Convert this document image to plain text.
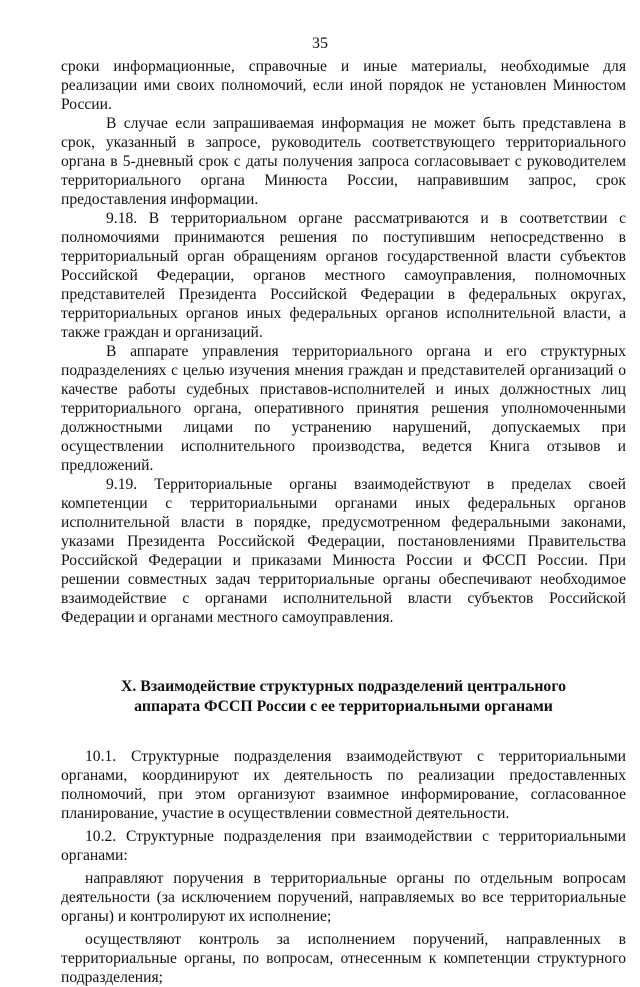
35

сроки информационные, справочные и иные материалы, необходимые для реализации ими своих полномочий, если иной порядок не установлен Минюстом России.

В случае если запрашиваемая информация не может быть представлена в срок, указанный в запросе, руководитель соответствующего территориального органа в 5-дневный срок с даты получения запроса согласовывает с руководителем территориального органа Минюста России, направившим запрос, срок предоставления информации.

9.18. В территориальном органе рассматриваются и в соответствии с полномочиями принимаются решения по поступившим непосредственно в территориальный орган обращениям органов государственной власти субъектов Российской Федерации, органов местного самоуправления, полномочных представителей Президента Российской Федерации в федеральных округах, территориальных органов иных федеральных органов исполнительной власти, а также граждан и организаций.

В аппарате управления территориального органа и его структурных подразделениях с целью изучения мнения граждан и представителей организаций о качестве работы судебных приставов-исполнителей и иных должностных лиц территориального органа, оперативного принятия решения уполномоченными должностными лицами по устранению нарушений, допускаемых при осуществлении исполнительного производства, ведется Книга отзывов и предложений.

9.19. Территориальные органы взаимодействуют в пределах своей компетенции с территориальными органами иных федеральных органов исполнительной власти в порядке, предусмотренном федеральными законами, указами Президента Российской Федерации, постановлениями Правительства Российской Федерации и приказами Минюста России и ФССП России. При решении совместных задач территориальные органы обеспечивают необходимое взаимодействие с органами исполнительной власти субъектов Российской Федерации и органами местного самоуправления.

X. Взаимодействие структурных подразделений центрального
аппарата ФССП России с ее территориальными органами

10.1. Структурные подразделения взаимодействуют с территориальными органами, координируют их деятельность по реализации предоставленных полномочий, при этом организуют взаимное информирование, согласованное планирование, участие в осуществлении совместной деятельности.

10.2. Структурные подразделения при взаимодействии с территориальными органами:

направляют поручения в территориальные органы по отдельным вопросам деятельности (за исключением поручений, направляемых во все территориальные органы) и контролируют их исполнение;

осуществляют контроль за исполнением поручений, направленных в территориальные органы, по вопросам, отнесенным к компетенции структурного подразделения;
